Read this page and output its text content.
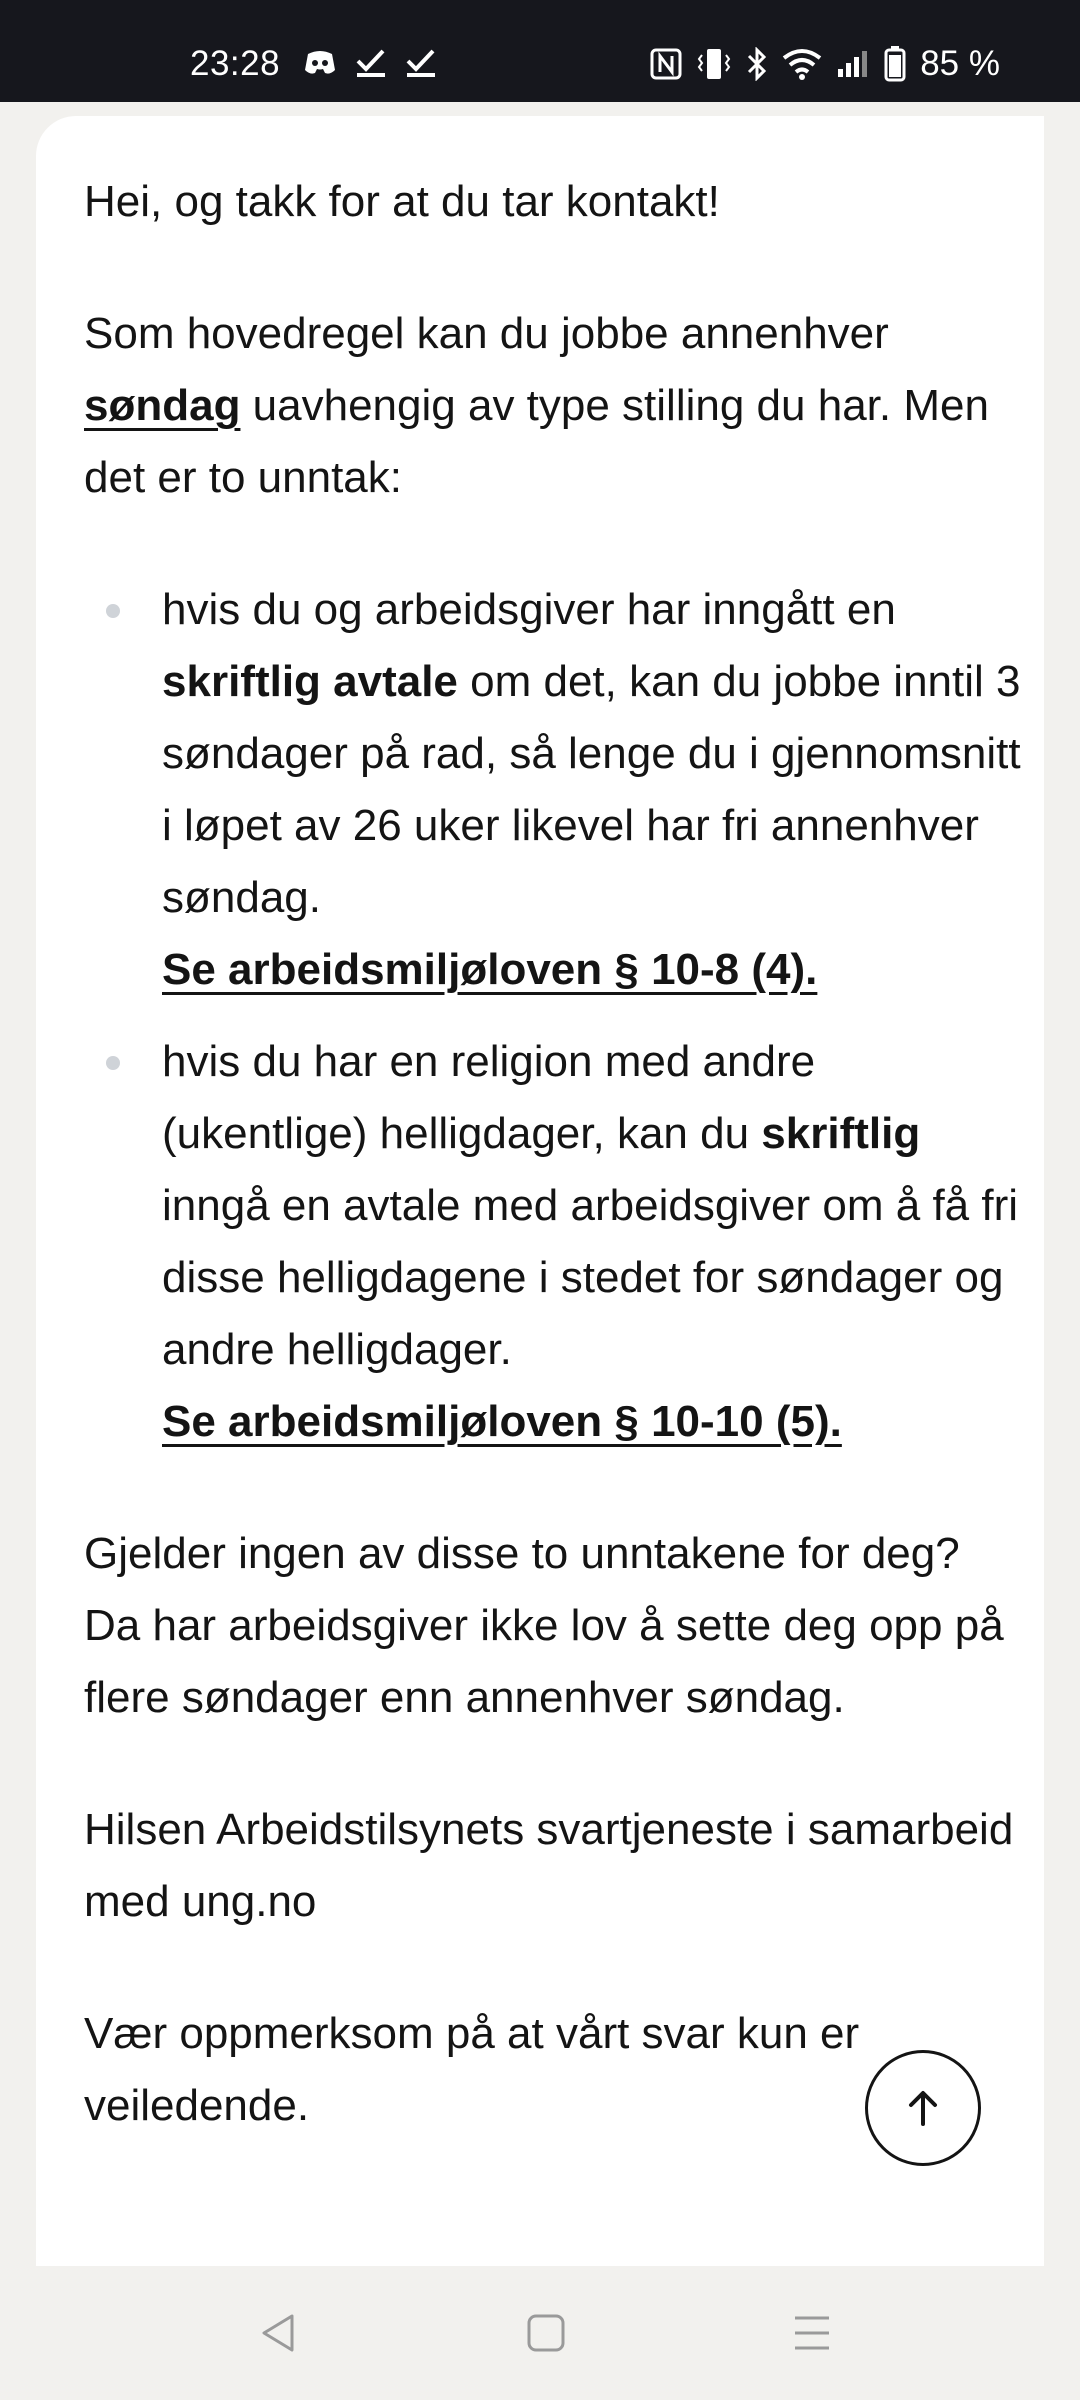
23:28	85 %

Hei, og takk for at du tar kontakt!

Som hovedregel kan du jobbe annenhver søndag uavhengig av type stilling du har. Men det er to unntak:

hvis du og arbeidsgiver har inngått en skriftlig avtale om det, kan du jobbe inntil 3 søndager på rad, så lenge du i gjennomsnitt i løpet av 26 uker likevel har fri annenhver søndag.
Se arbeidsmiljøloven § 10-8 (4).
hvis du har en religion med andre (ukentlige) helligdager, kan du skriftlig inngå en avtale med arbeidsgiver om å få fri disse helligdagene i stedet for søndager og andre helligdager.
Se arbeidsmiljøloven § 10-10 (5).

Gjelder ingen av disse to unntakene for deg? Da har arbeidsgiver ikke lov å sette deg opp på flere søndager enn annenhver søndag.

Hilsen Arbeidstilsynets svartjeneste i samarbeid med ung.no

Vær oppmerksom på at vårt svar kun er veiledende.
